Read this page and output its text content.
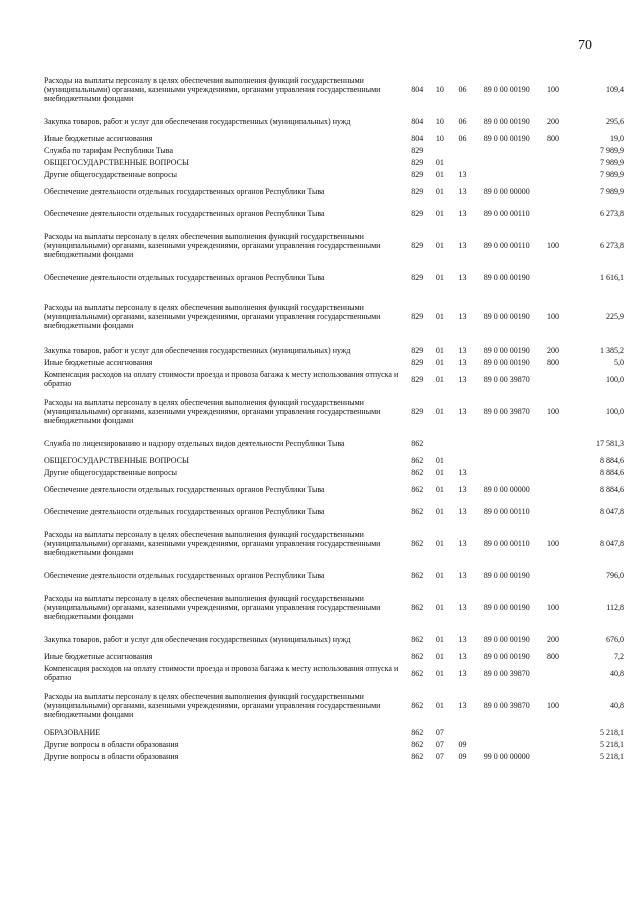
70
Расходы на выплаты персоналу в целях обеспечения выполнения функций государственными (муниципальными) органами, казенными учреждениями, органами управления государственными внебюджетными фондами	804	10	06	89 0 00 00190	100	109,4
Закупка товаров, работ и услуг для обеспечения государственных (муниципальных) нужд	804	10	06	89 0 00 00190	200	295,6
Иные бюджетные ассигнования	804	10	06	89 0 00 00190	800	19,0
Служба по тарифам Республики Тыва	829					7 989,9
ОБЩЕГОСУДАРСТВЕННЫЕ ВОПРОСЫ	829	01				7 989,9
Другие общегосударственные вопросы	829	01	13			7 989,9
Обеспечение деятельности отдельных государственных органов Республики Тыва	829	01	13	89 0 00 00000		7 989,9
Обеспечение деятельности отдельных государственных органов Республики Тыва	829	01	13	89 0 00 00110		6 273,8
Расходы на выплаты персоналу в целях обеспечения выполнения функций государственными (муниципальными) органами, казенными учреждениями, органами управления государственными внебюджетными фондами	829	01	13	89 0 00 00110	100	6 273,8
Обеспечение деятельности отдельных государственных органов Республики Тыва	829	01	13	89 0 00 00190		1 616,1
Расходы на выплаты персоналу в целях обеспечения выполнения функций государственными (муниципальными) органами, казенными учреждениями, органами управления государственными внебюджетными фондами	829	01	13	89 0 00 00190	100	225,9
Закупка товаров, работ и услуг для обеспечения государственных (муниципальных) нужд	829	01	13	89 0 00 00190	200	1 385,2
Иные бюджетные ассигнования	829	01	13	89 0 00 00190	800	5,0
Компенсация расходов на оплату стоимости проезда и провоза багажа к месту использования отпуска и обратно	829	01	13	89 0 00 39870		100,0
Расходы на выплаты персоналу в целях обеспечения выполнения функций государственными (муниципальными) органами, казенными учреждениями, органами управления государственными внебюджетными фондами	829	01	13	89 0 00 39870	100	100,0
Служба по лицензированию и надзору отдельных видов деятельности Республики Тыва	862					17 581,3
ОБЩЕГОСУДАРСТВЕННЫЕ ВОПРОСЫ	862	01				8 884,6
Другие общегосударственные вопросы	862	01	13			8 884,6
Обеспечение деятельности отдельных государственных органов Республики Тыва	862	01	13	89 0 00 00000		8 884,6
Обеспечение деятельности отдельных государственных органов Республики Тыва	862	01	13	89 0 00 00110		8 047,8
Расходы на выплаты персоналу в целях обеспечения выполнения функций государственными (муниципальными) органами, казенными учреждениями, органами управления государственными внебюджетными фондами	862	01	13	89 0 00 00110	100	8 047,8
Обеспечение деятельности отдельных государственных органов Республики Тыва	862	01	13	89 0 00 00190		796,0
Расходы на выплаты персоналу в целях обеспечения выполнения функций государственными (муниципальными) органами, казенными учреждениями, органами управления государственными внебюджетными фондами	862	01	13	89 0 00 00190	100	112,8
Закупка товаров, работ и услуг для обеспечения государственных (муниципальных) нужд	862	01	13	89 0 00 00190	200	676,0
Иные бюджетные ассигнования	862	01	13	89 0 00 00190	800	7,2
Компенсация расходов на оплату стоимости проезда и провоза багажа к месту использования отпуска и обратно	862	01	13	89 0 00 39870		40,8
Расходы на выплаты персоналу в целях обеспечения выполнения функций государственными (муниципальными) органами, казенными учреждениями, органами управления государственными внебюджетными фондами	862	01	13	89 0 00 39870	100	40,8
ОБРАЗОВАНИЕ	862	07				5 218,1
Другие вопросы в области образования	862	07	09			5 218,1
Другие вопросы в области образования	862	07	09	99 0 00 00000		5 218,1
